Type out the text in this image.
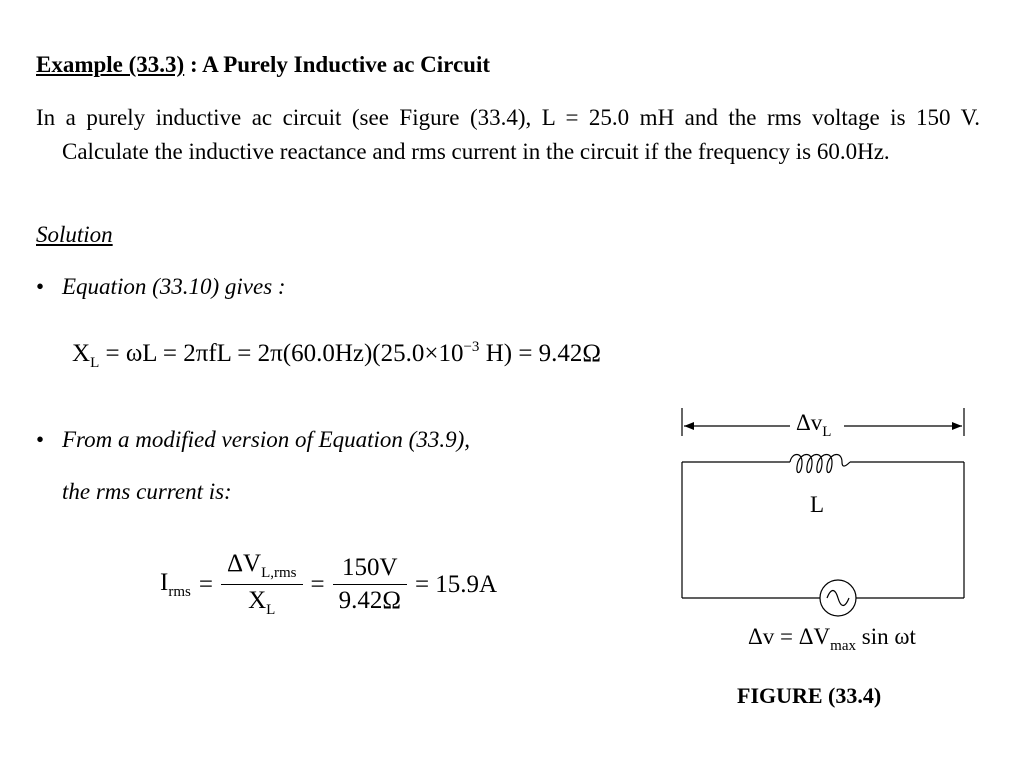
Example (33.3) : A Purely Inductive ac Circuit

In a purely inductive ac circuit (see Figure (33.4), L = 25.0 mH and the rms voltage is 150 V. Calculate the inductive reactance and rms current in the circuit if the frequency is 60.0Hz.

Solution
• Equation (33.10) gives :
$X_L = \omega L = 2\pi fL = 2\pi(60.0Hz)(25.0\times 10^{-3}$ H) = 9.42Ω
• From a modified version of Equation (33.9),
the rms current is:
$I_{rms} = \frac{\Delta V_{L,rms}}{X_L} = \frac{150V}{9.42\Omega} = 15.9A$
$\Delta v_L$
L
$\Delta v = \Delta V_{max}$ sin ωt
FIGURE (33.4)
